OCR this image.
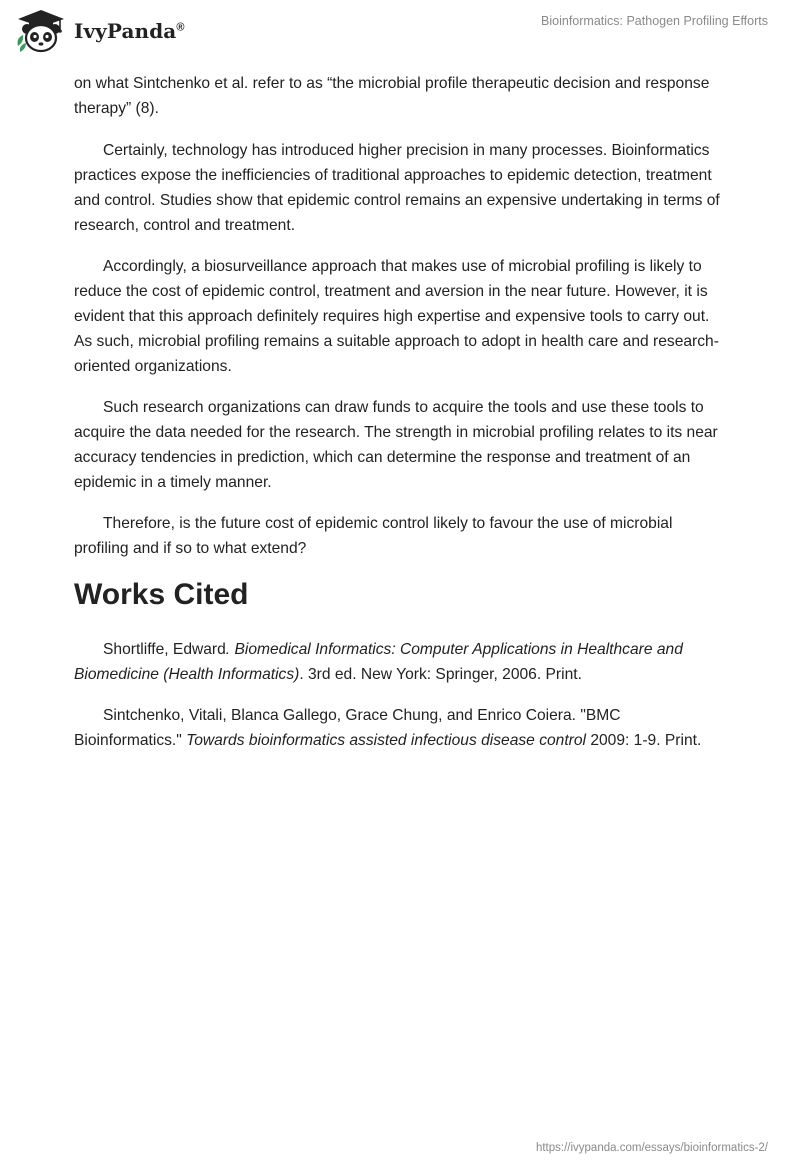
IvyPanda®	Bioinformatics: Pathogen Profiling Efforts

on what Sintchenko et al. refer to as “the microbial profile therapeutic decision and response therapy” (8).

Certainly, technology has introduced higher precision in many processes. Bioinformatics practices expose the inefficiencies of traditional approaches to epidemic detection, treatment and control. Studies show that epidemic control remains an expensive undertaking in terms of research, control and treatment.

Accordingly, a biosurveillance approach that makes use of microbial profiling is likely to reduce the cost of epidemic control, treatment and aversion in the near future. However, it is evident that this approach definitely requires high expertise and expensive tools to carry out. As such, microbial profiling remains a suitable approach to adopt in health care and research-oriented organizations.

Such research organizations can draw funds to acquire the tools and use these tools to acquire the data needed for the research. The strength in microbial profiling relates to its near accuracy tendencies in prediction, which can determine the response and treatment of an epidemic in a timely manner.

Therefore, is the future cost of epidemic control likely to favour the use of microbial profiling and if so to what extend?

Works Cited

Shortliffe, Edward. Biomedical Informatics: Computer Applications in Healthcare and Biomedicine (Health Informatics). 3rd ed. New York: Springer, 2006. Print.

Sintchenko, Vitali, Blanca Gallego, Grace Chung, and Enrico Coiera. "BMC Bioinformatics." Towards bioinformatics assisted infectious disease control 2009: 1-9. Print.

https://ivypanda.com/essays/bioinformatics-2/
